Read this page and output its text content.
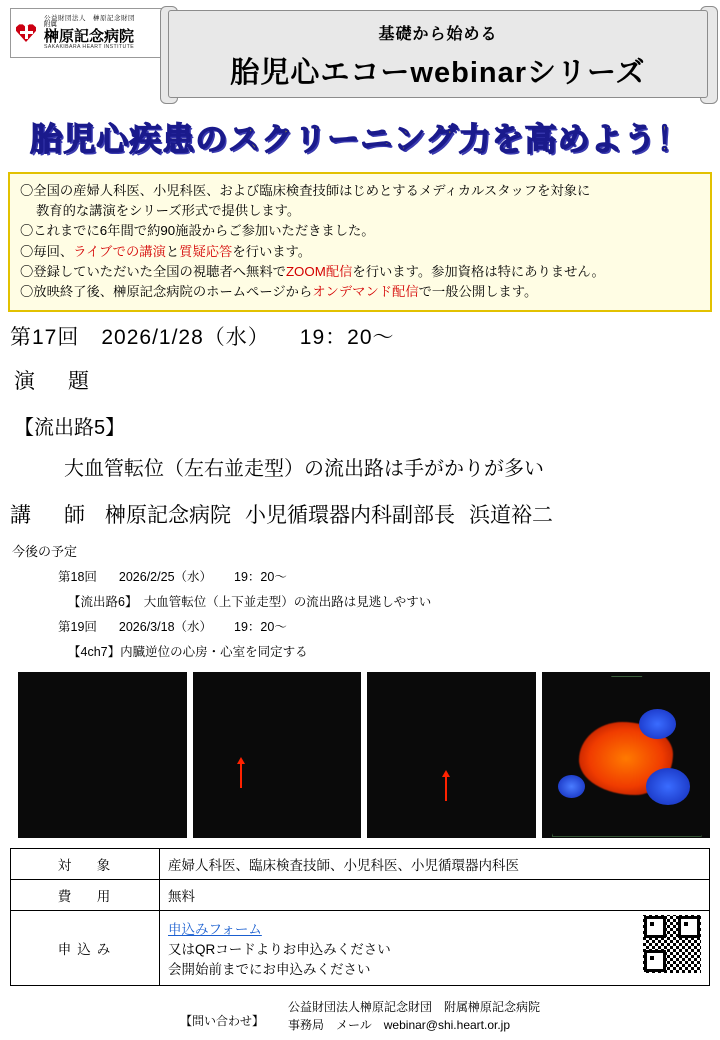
公益財団法人　榊原記念財団
附属
榊原記念病院
SAKAKIBARA HEART INSTITUTE
基礎から始める
胎児心エコーwebinarシリーズ
胎児心疾患のスクリーニング力を高めよう！
〇全国の産婦人科医、小児科医、および臨床検査技師はじめとするメディカルスタッフを対象に
教育的な講演をシリーズ形式で提供します。
〇これまでに6年間で約90施設からご参加いただきました。
〇毎回、ライブでの講演と質疑応答を行います。
〇登録していただいた全国の視聴者へ無料でZOOM配信を行います。参加資格は特にありません。
〇放映終了後、榊原記念病院のホームページからオンデマンド配信で一般公開します。
第17回 2026/1/28（水） 19：20～
演　題
【流出路5】
大血管転位（左右並走型）の流出路は手がかりが多い
講　師 榊原記念病院 小児循環器内科副部長 浜道裕二
今後の予定
第18回 2026/2/25（水） 19：20～
【流出路6】　大血管転位（上下並走型）の流出路は見逃しやすい
第19回 2026/3/18（水） 19：20～
【4ch7】内臓逆位の心房・心室を同定する
対　象	産婦人科医、臨床検査技師、小児科医、小児循環器内科医
費　用	無料
申込み	申込みフォーム
又はQRコードよりお申込みください
会開始前までにお申込みください
【問い合わせ】
公益財団法人榊原記念財団　附属榊原記念病院
事務局　メール　webinar@shi.heart.or.jp
